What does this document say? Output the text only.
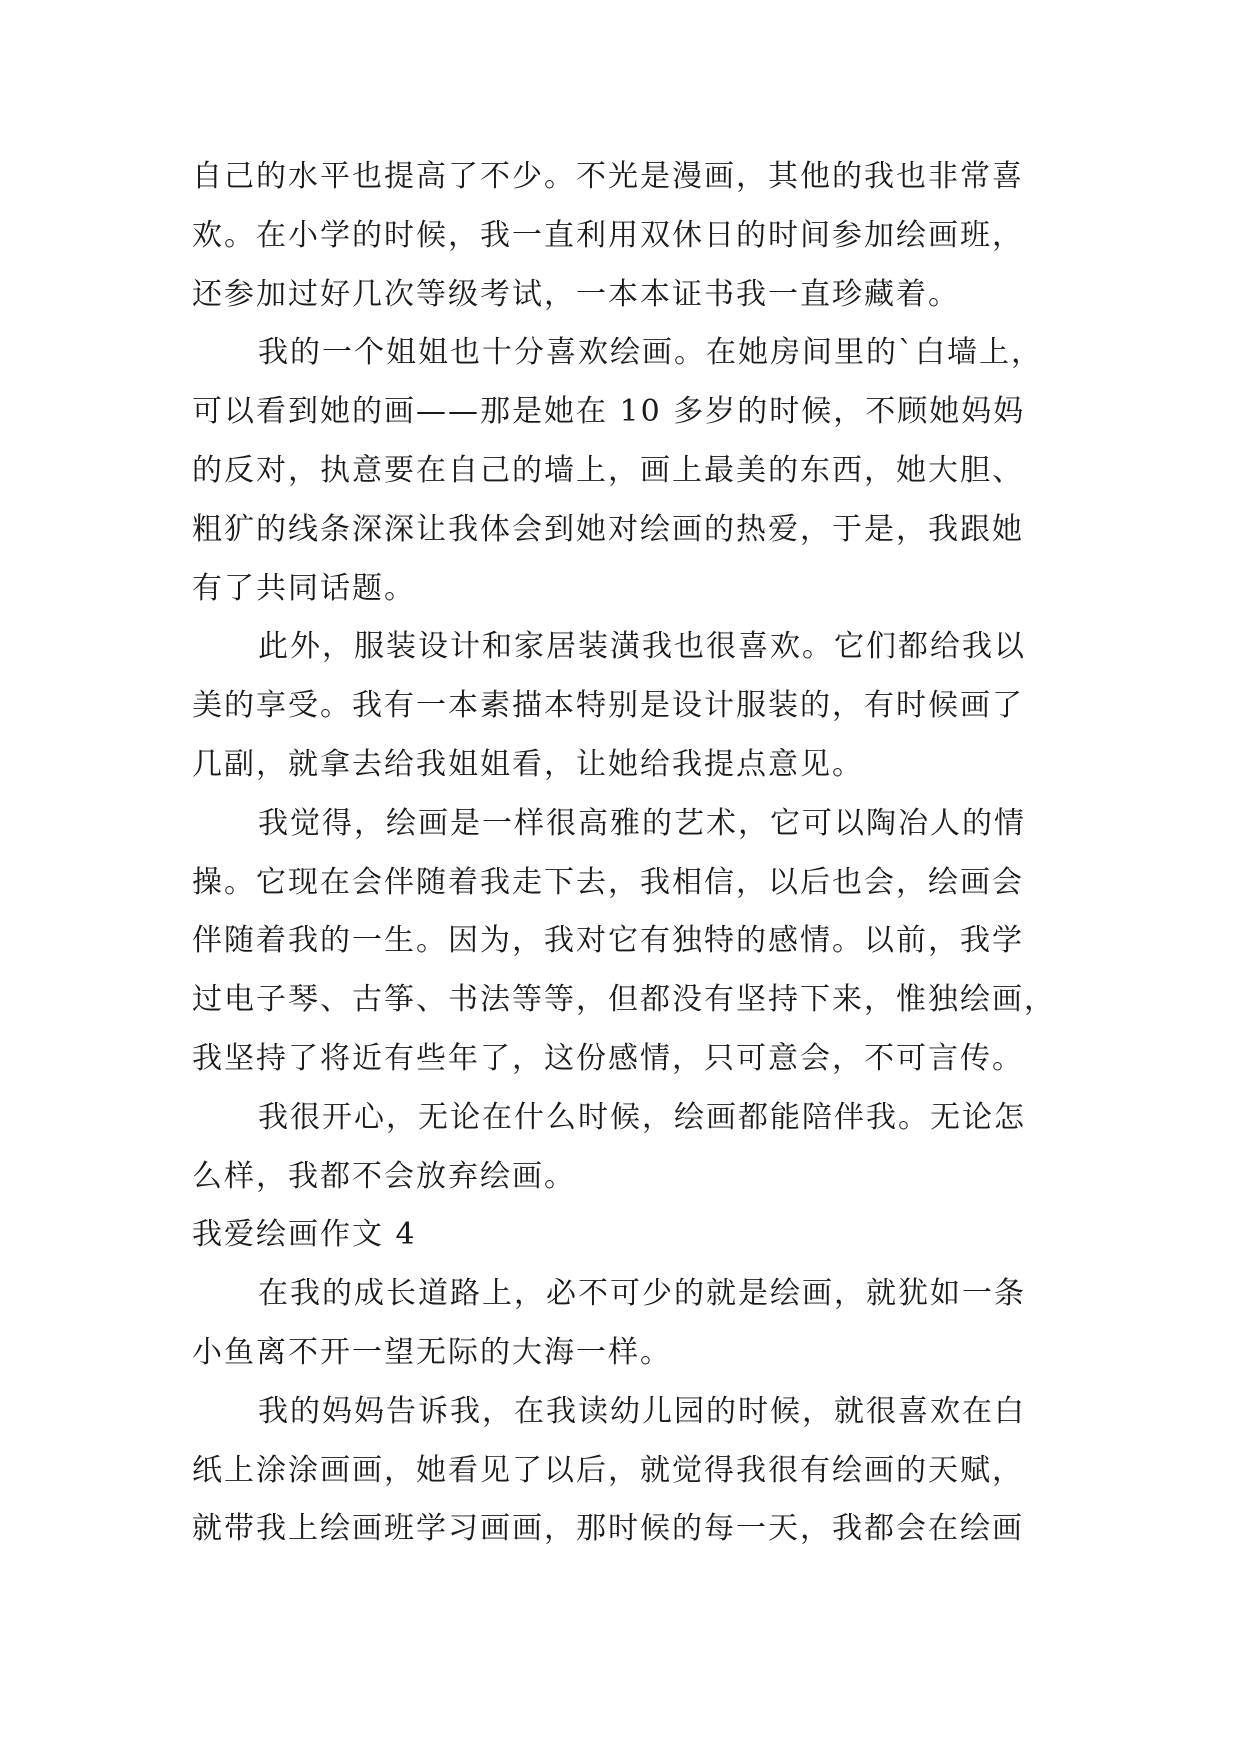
自己的水平也提高了不少。不光是漫画，其他的我也非常喜
欢。在小学的时候，我一直利用双休日的时间参加绘画班，
还参加过好几次等级考试，一本本证书我一直珍藏着。
我的一个姐姐也十分喜欢绘画。在她房间里的`白墙上，
可以看到她的画——那是她在 10 多岁的时候，不顾她妈妈
的反对，执意要在自己的墙上，画上最美的东西，她大胆、
粗犷的线条深深让我体会到她对绘画的热爱，于是，我跟她
有了共同话题。
此外，服装设计和家居装潢我也很喜欢。它们都给我以
美的享受。我有一本素描本特别是设计服装的，有时候画了
几副，就拿去给我姐姐看，让她给我提点意见。
我觉得，绘画是一样很高雅的艺术，它可以陶冶人的情
操。它现在会伴随着我走下去，我相信，以后也会，绘画会
伴随着我的一生。因为，我对它有独特的感情。以前，我学
过电子琴、古筝、书法等等，但都没有坚持下来，惟独绘画，
我坚持了将近有些年了，这份感情，只可意会，不可言传。
我很开心，无论在什么时候，绘画都能陪伴我。无论怎
么样，我都不会放弃绘画。
我爱绘画作文 4
在我的成长道路上，必不可少的就是绘画，就犹如一条
小鱼离不开一望无际的大海一样。
我的妈妈告诉我，在我读幼儿园的时候，就很喜欢在白
纸上涂涂画画，她看见了以后，就觉得我很有绘画的天赋，
就带我上绘画班学习画画，那时候的每一天，我都会在绘画
